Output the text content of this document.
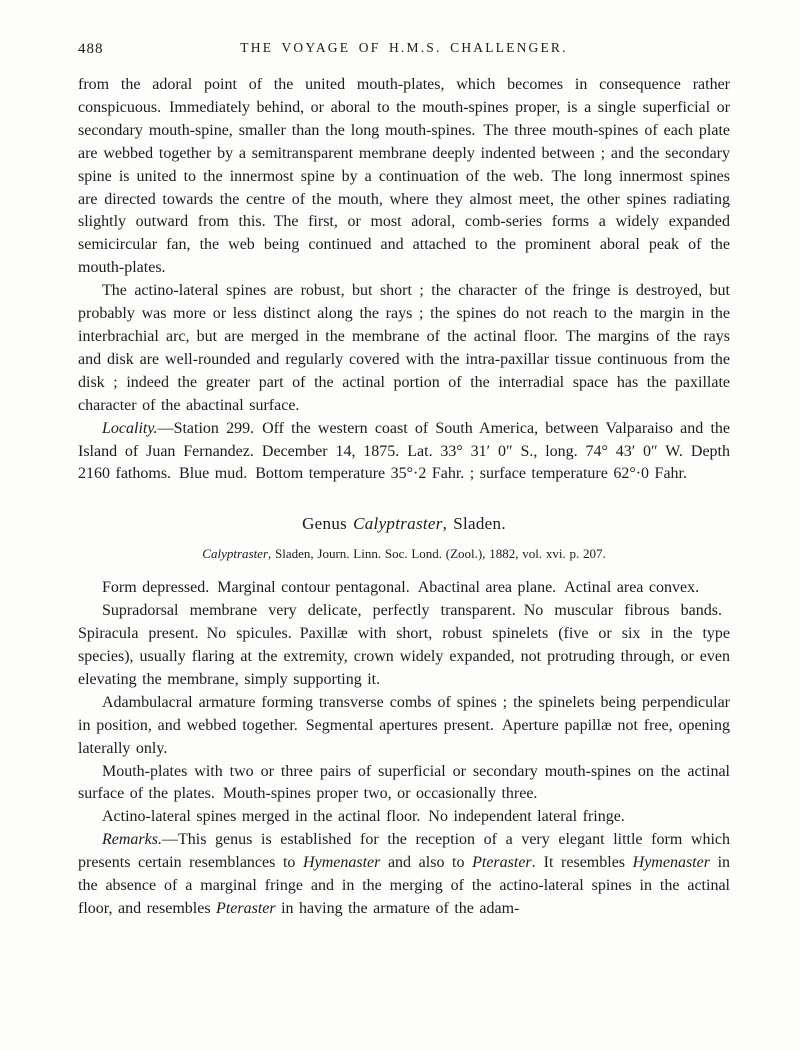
488	THE VOYAGE OF H.M.S. CHALLENGER.

from the adoral point of the united mouth-plates, which becomes in consequence rather conspicuous. Immediately behind, or aboral to the mouth-spines proper, is a single superficial or secondary mouth-spine, smaller than the long mouth-spines. The three mouth-spines of each plate are webbed together by a semitransparent membrane deeply indented between ; and the secondary spine is united to the innermost spine by a continuation of the web. The long innermost spines are directed towards the centre of the mouth, where they almost meet, the other spines radiating slightly outward from this. The first, or most adoral, comb-series forms a widely expanded semicircular fan, the web being continued and attached to the prominent aboral peak of the mouth-plates.

The actino-lateral spines are robust, but short ; the character of the fringe is destroyed, but probably was more or less distinct along the rays ; the spines do not reach to the margin in the interbrachial arc, but are merged in the membrane of the actinal floor. The margins of the rays and disk are well-rounded and regularly covered with the intra-paxillar tissue continuous from the disk ; indeed the greater part of the actinal portion of the interradial space has the paxillate character of the abactinal surface.

Locality.—Station 299. Off the western coast of South America, between Valparaiso and the Island of Juan Fernandez. December 14, 1875. Lat. 33° 31′ 0″ S., long. 74° 43′ 0″ W. Depth 2160 fathoms. Blue mud. Bottom temperature 35°·2 Fahr. ; surface temperature 62°·0 Fahr.

Genus Calyptraster, Sladen.

Calyptraster, Sladen, Journ. Linn. Soc. Lond. (Zool.), 1882, vol. xvi. p. 207.

Form depressed. Marginal contour pentagonal. Abactinal area plane. Actinal area convex.

Supradorsal membrane very delicate, perfectly transparent. No muscular fibrous bands. Spiracula present. No spicules. Paxillæ with short, robust spinelets (five or six in the type species), usually flaring at the extremity, crown widely expanded, not protruding through, or even elevating the membrane, simply supporting it.

Adambulacral armature forming transverse combs of spines ; the spinelets being perpendicular in position, and webbed together. Segmental apertures present. Aperture papillæ not free, opening laterally only.

Mouth-plates with two or three pairs of superficial or secondary mouth-spines on the actinal surface of the plates. Mouth-spines proper two, or occasionally three.

Actino-lateral spines merged in the actinal floor. No independent lateral fringe.

Remarks.—This genus is established for the reception of a very elegant little form which presents certain resemblances to Hymenaster and also to Pteraster. It resembles Hymenaster in the absence of a marginal fringe and in the merging of the actino-lateral spines in the actinal floor, and resembles Pteraster in having the armature of the adam-
